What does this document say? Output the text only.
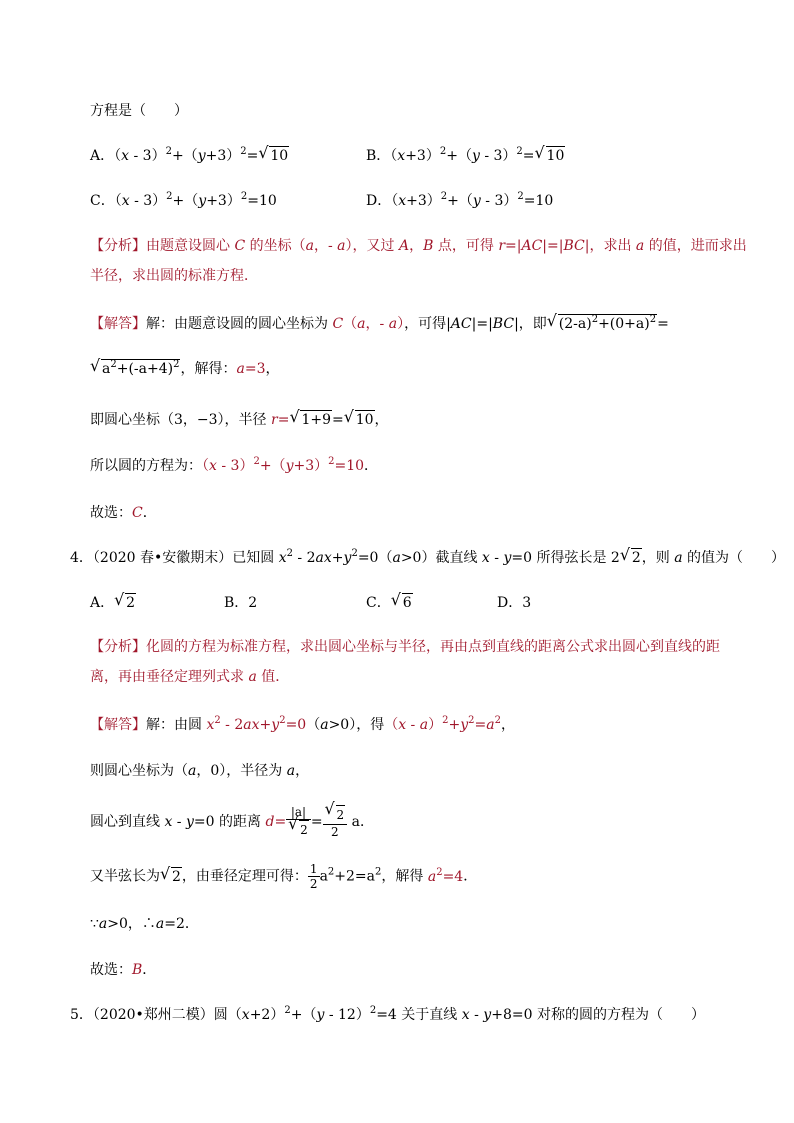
方程是（　　）
A．$(x - 3)^2+(y+3)^2=$ √ 10	B．$(x+3)^2+(y - 3)^2=$ √ 10
C．$(x - 3)^2+(y+3)^2=10$	D．$(x+3)^2+(y - 3)^2=10$
【分析】由题意设圆心 C 的坐标（a，- a），又过 A，B 点，可得 r=|AC|=|BC|，求出 a 的值，进而求出
半径，求出圆的标准方程．
【解答】解：由题意设圆的圆心坐标为 C（a，- a），可得|AC|=|BC|，即 √ $(2-a)^2+(0+a)^2=$
√ $a^2+(-a+4)^2$，解得：a=3，
即圆心坐标（3，−3），半径 r= √ 1+9= √ 10，
所以圆的方程为：$(x - 3)^2+(y+3)^2=10$．
故选：C．
4．（2020 春•安徽期末）已知圆 $x^2 - 2ax+y^2=0(a>0)$截直线 x - y=0 所得弦长是 2 √ 2，则 a 的值为（　　）
A． √ 2	B．2	C． √ 6	D．3
【分析】化圆的方程为标准方程，求出圆心坐标与半径，再由点到直线的距离公式求出圆心到直线的距
离，再由垂径定理列式求 a 值．
【解答】解：由圆 $x^2 - 2ax+y^2=0(a>0)$，得$(x - a)^2+y^2=a^2$，
则圆心坐标为（a，0），半径为 a，
圆心到直线 x - y=0 的距离 $d= \frac{|a|}{√ 2} = \frac{√ 2}{2}$ a．
又半弦长为 √ 2，由垂径定理可得： $\frac{1}{2} a^2+2=a^2$，解得 $a^2=4$．
∵a>0，∴a=2．
故选：B．
5．（2020•郑州二模）圆$(x+2)^2+(y - 12)^2=4$ 关于直线 x - y+8=0 对称的圆的方程为（　　）
